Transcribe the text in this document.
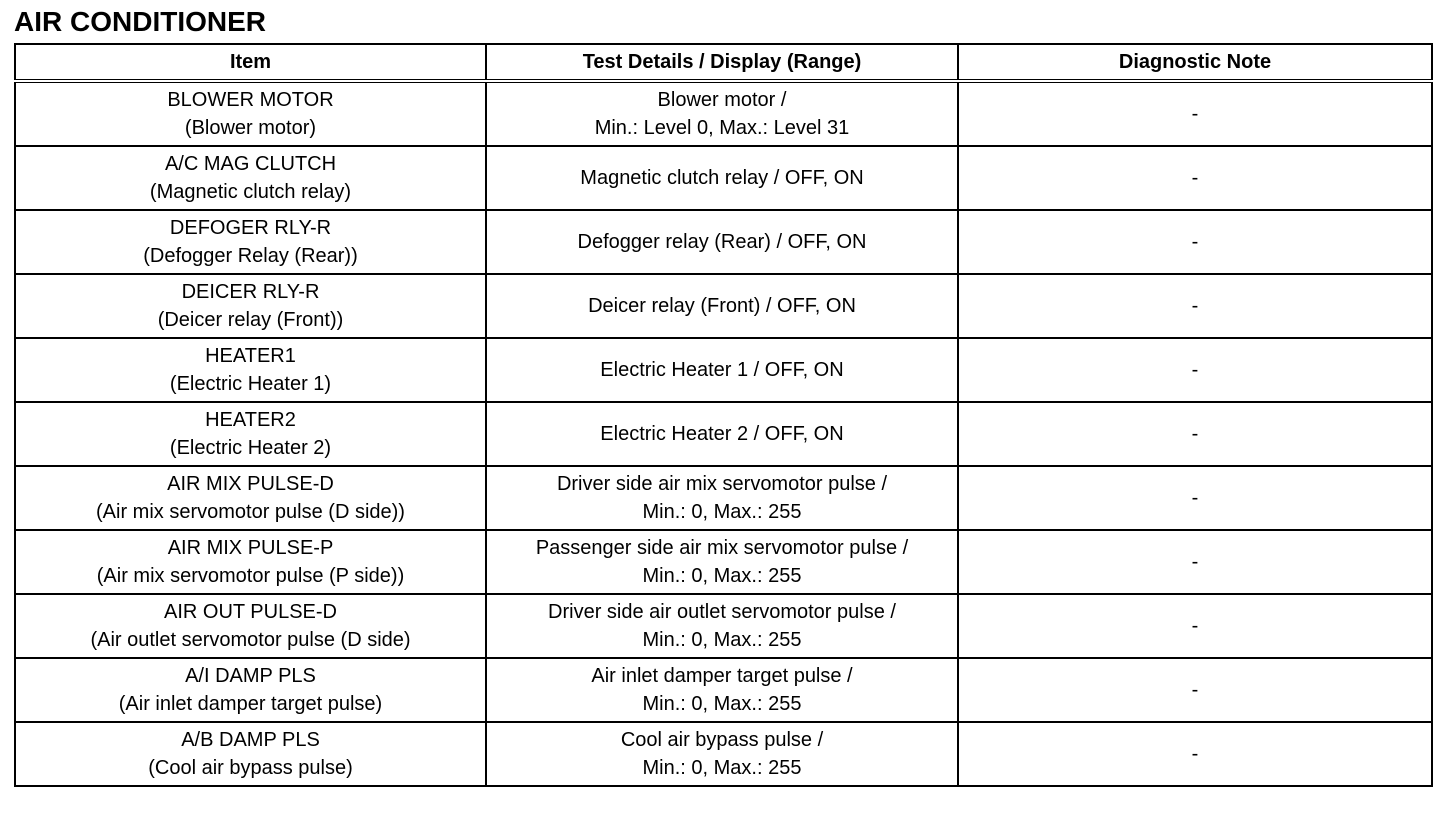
AIR CONDITIONER
Item	Test Details / Display (Range)	Diagnostic Note

BLOWER MOTOR
(Blower motor)	Blower motor /
Min.: Level 0, Max.: Level 31	-

A/C MAG CLUTCH
(Magnetic clutch relay)	Magnetic clutch relay / OFF, ON	-

DEFOGER RLY-R
(Defogger Relay (Rear))	Defogger relay (Rear) / OFF, ON	-

DEICER RLY-R
(Deicer relay (Front))	Deicer relay (Front) / OFF, ON	-

HEATER1
(Electric Heater 1)	Electric Heater 1 / OFF, ON	-

HEATER2
(Electric Heater 2)	Electric Heater 2 / OFF, ON	-

AIR MIX PULSE-D
(Air mix servomotor pulse (D side))	Driver side air mix servomotor pulse /
Min.: 0, Max.: 255	-

AIR MIX PULSE-P
(Air mix servomotor pulse (P side))	Passenger side air mix servomotor pulse /
Min.: 0, Max.: 255	-

AIR OUT PULSE-D
(Air outlet servomotor pulse (D side)	Driver side air outlet servomotor pulse /
Min.: 0, Max.: 255	-

A/I DAMP PLS
(Air inlet damper target pulse)	Air inlet damper target pulse /
Min.: 0, Max.: 255	-

A/B DAMP PLS
(Cool air bypass pulse)	Cool air bypass pulse /
Min.: 0, Max.: 255	-
